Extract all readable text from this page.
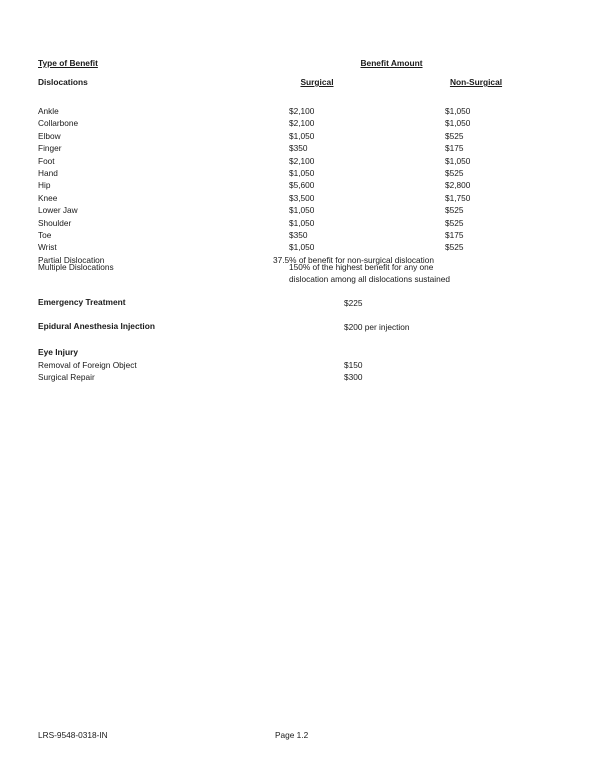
Type of Benefit	Benefit Amount
Dislocations	Surgical	Non-Surgical
Ankle	$2,100	$1,050
Collarbone	$2,100	$1,050
Elbow	$1,050	$525
Finger	$350	$175
Foot	$2,100	$1,050
Hand	$1,050	$525
Hip	$5,600	$2,800
Knee	$3,500	$1,750
Lower Jaw	$1,050	$525
Shoulder	$1,050	$525
Toe	$350	$175
Wrist	$1,050	$525
Partial Dislocation	37.5% of benefit for non-surgical dislocation
Multiple Dislocations	150% of the highest benefit for any one
dislocation among all dislocations sustained
Emergency Treatment	$225
Epidural Anesthesia Injection	$200 per injection
Eye Injury
Removal of Foreign Object	$150
Surgical Repair	$300
LRS-9548-0318-IN	Page 1.2
